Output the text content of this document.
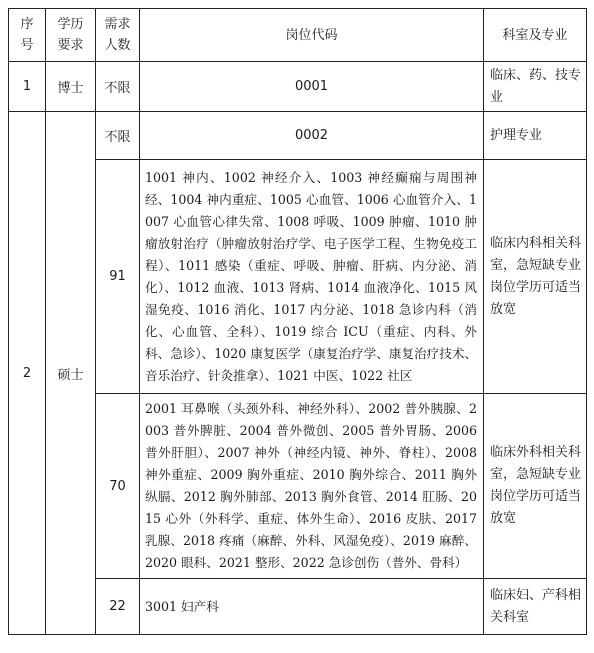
序号	学历要求	需求人数	岗位代码	科室及专业
1	博士	不限	0001	临床、药、技专业
2	硕士	不限	0002	护理专业
		91	1001 神内、1002 神经介入、1003 神经癫痫与周围神经、1004 神内重症、1005 心血管、1006 心血管介入、1007 心血管心律失常、1008 呼吸、1009 肿瘤、1010 肿瘤放射治疗（肿瘤放射治疗学、电子医学工程、生物免疫工程）、1011 感染（重症、呼吸、肿瘤、肝病、内分泌、消化）、1012 血液、1013 肾病、1014 血液净化、1015 风湿免疫、1016 消化、1017 内分泌、1018 急诊内科（消化、心血管、全科）、1019 综合 ICU（重症、内科、外科、急诊）、1020 康复医学（康复治疗学、康复治疗技术、音乐治疗、针灸推拿）、1021 中医、1022 社区	临床内科相关科室，急短缺专业岗位学历可适当放宽
		70	2001 耳鼻喉（头颈外科、神经外科）、2002 普外胰腺、2003 普外脾脏、2004 普外微创、2005 普外胃肠、2006 普外肝胆）、2007 神外（神经内镜、神外、脊柱）、2008 神外重症、2009 胸外重症、2010 胸外综合、2011 胸外纵膈、2012 胸外肺部、2013 胸外食管、2014 肛肠、2015 心外（外科学、重症、体外生命）、2016 皮肤、2017 乳腺、2018 疼痛（麻醉、外科、风湿免疫）、2019 麻醉、2020 眼科、2021 整形、2022 急诊创伤（普外、骨科）	临床外科相关科室，急短缺专业岗位学历可适当放宽
		22	3001 妇产科	临床妇、产科相关科室
